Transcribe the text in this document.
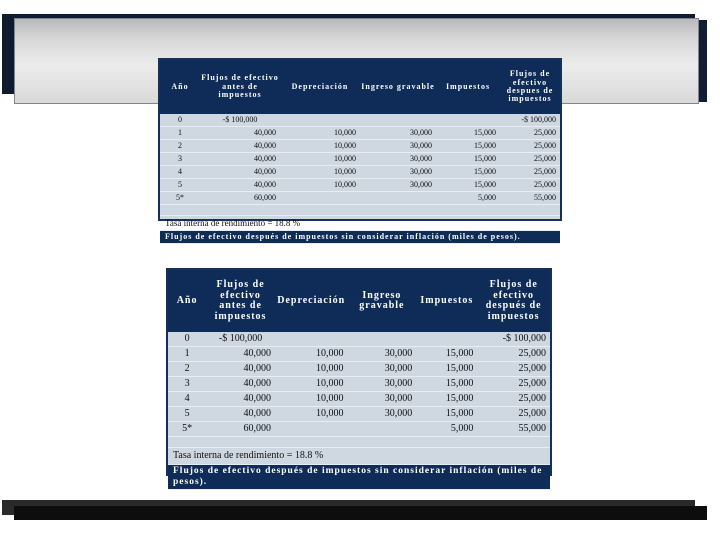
Año	Flujos de efectivo antes de impuestos	Depreciación	Ingreso gravable	Impuestos	Flujos de efectivo despues de impuestos
0	-$ 100,000				-$ 100,000
1	40,000	10,000	30,000	15,000	25,000
2	40,000	10,000	30,000	15,000	25,000
3	40,000	10,000	30,000	15,000	25,000
4	40,000	10,000	30,000	15,000	25,000
5	40,000	10,000	30,000	15,000	25,000
5*	60,000			5,000	55,000

Tasa interna de rendimiento = 18.8 %					
Flujos de efectivo después de impuestos sin considerar inflación (miles de pesos).					
Año	Flujos de efectivo antes de impuestos	Depreciación	Ingreso gravable	Impuestos	Flujos de efectivo después de impuestos
0	-$ 100,000				-$ 100,000
1	40,000	10,000	30,000	15,000	25,000
2	40,000	10,000	30,000	15,000	25,000
3	40,000	10,000	30,000	15,000	25,000
4	40,000	10,000	30,000	15,000	25,000
5	40,000	10,000	30,000	15,000	25,000
5*	60,000			5,000	55,000

Tasa interna de rendimiento = 18.8 %					
Flujos de efectivo después de impuestos sin considerar inflación (miles de pesos).					
